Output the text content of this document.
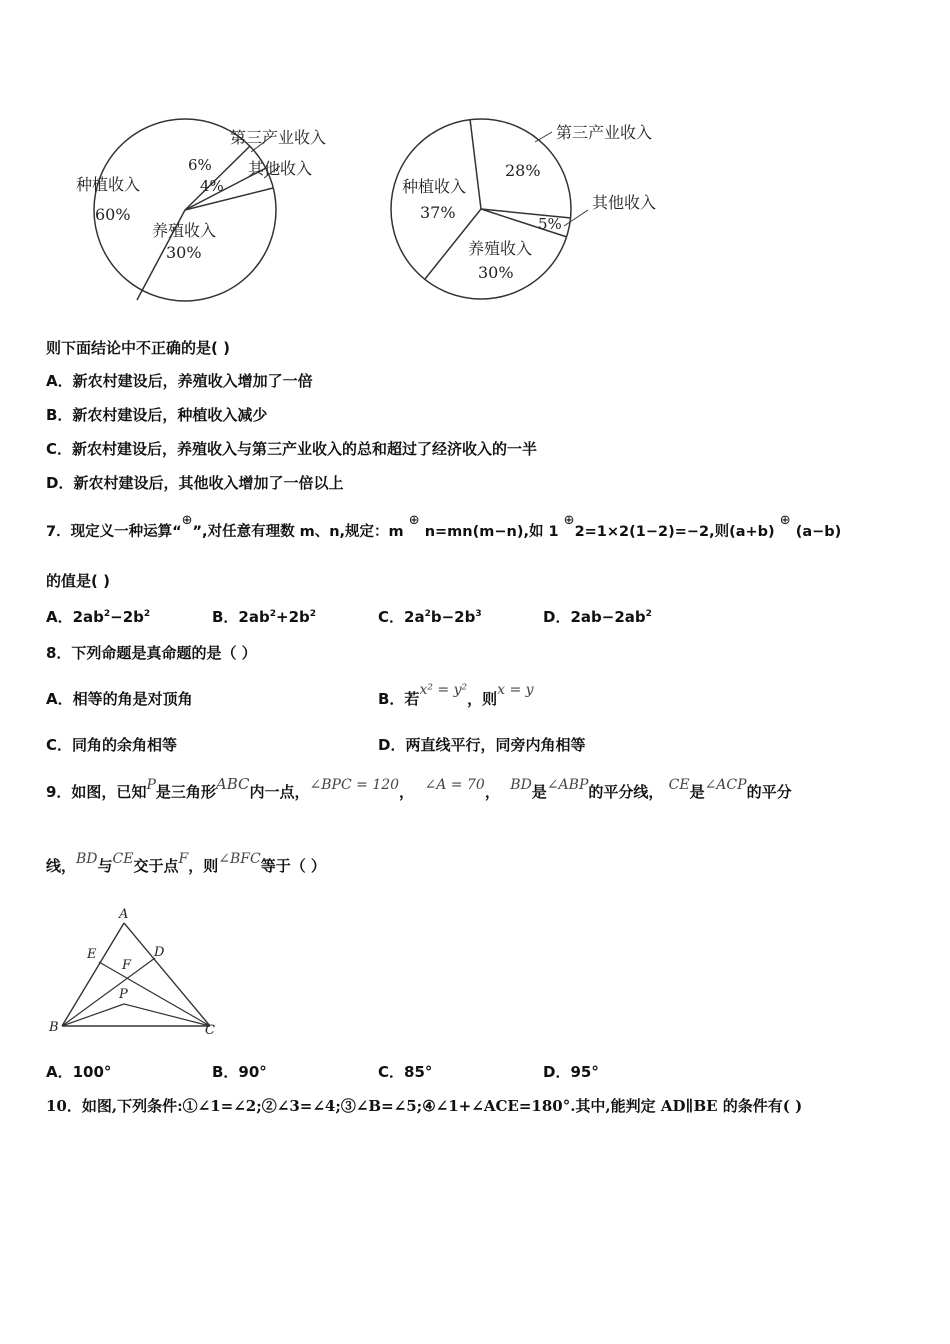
种植收入
60%
养殖收入
30%
第三产业收入
6% 其他收入
4%	种植收入
37%
第三产业收入
28%
其他收入
5%
养殖收入
30%
则下面结论中不正确的是( )
A．新农村建设后，养殖收入增加了一倍
B．新农村建设后，种植收入减少
C．新农村建设后，养殖收入与第三产业收入的总和超过了经济收入的一半
D．新农村建设后，其他收入增加了一倍以上
7．现定义一种运算“⊕”,对任意有理数 m、n,规定：m ⊕ n=mn(m−n),如 1 ⊕2=1×2(1−2)=−2,则(a+b) ⊕ (a−b)
的值是( )
A．$2ab^2-2b^2$	B．$2ab^2+2b^2$	C．$2a^2b-2b^3$	D．$2ab-2ab^2$
8．下列命题是真命题的是（ ）
A．相等的角是对顶角	B．若x² = y²，则x = y
C．同角的余角相等	D．两直线平行，同旁内角相等
9．如图，已知P是三角形ABC内一点，∠BPC = 120， ∠A = 70， BD是∠ABP的平分线， CE是∠ACP的平分
线，BD与CE交于点F，则∠BFC等于（ ）
A
B	C
D
E
F
P
A．100°	B．90°	C．85°	D．95°
10．如图,下列条件:①∠1=∠2;②∠3=∠4;③∠B=∠5;④∠1+∠ACE=180°.其中,能判定 AD∥BE 的条件有( )
